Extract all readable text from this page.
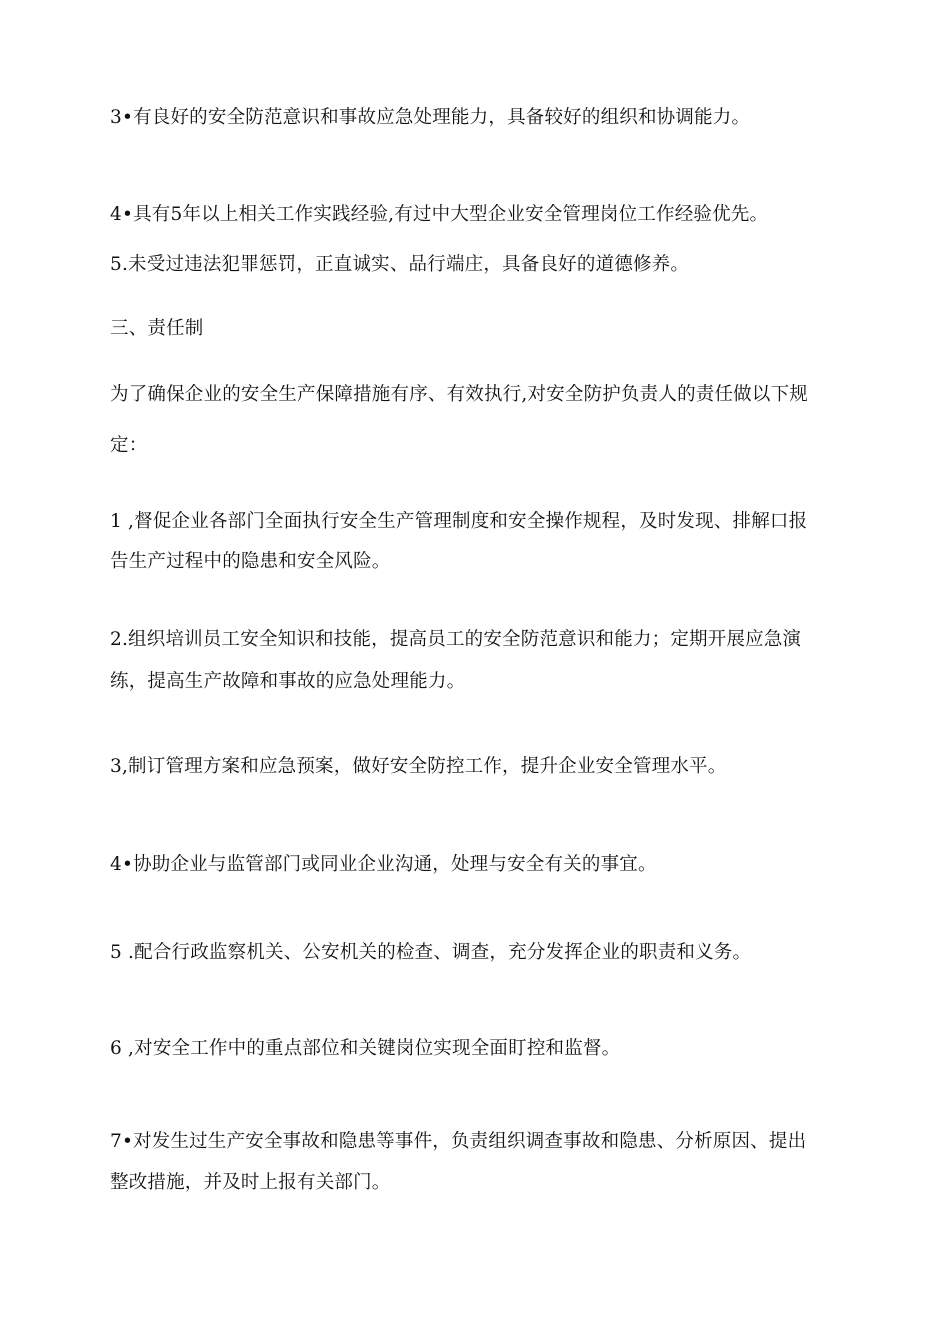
3•有良好的安全防范意识和事故应急处理能力，具备较好的组织和协调能力。
4•具有5年以上相关工作实践经验,有过中大型企业安全管理岗位工作经验优先。
5.未受过违法犯罪惩罚，正直诚实、品行端庄，具备良好的道德修养。
三、责任制
为了确保企业的安全生产保障措施有序、有效执行,对安全防护负责人的责任做以下规
定：
1 ,督促企业各部门全面执行安全生产管理制度和安全操作规程，及时发现、排解口报
告生产过程中的隐患和安全风险。
2.组织培训员工安全知识和技能，提高员工的安全防范意识和能力；定期开展应急演
练，提高生产故障和事故的应急处理能力。
3,制订管理方案和应急预案，做好安全防控工作，提升企业安全管理水平。
4•协助企业与监管部门或同业企业沟通，处理与安全有关的事宜。
5 .配合行政监察机关、公安机关的检查、调查，充分发挥企业的职责和义务。
6 ,对安全工作中的重点部位和关键岗位实现全面盯控和监督。
7•对发生过生产安全事故和隐患等事件，负责组织调查事故和隐患、分析原因、提出
整改措施，并及时上报有关部门。
